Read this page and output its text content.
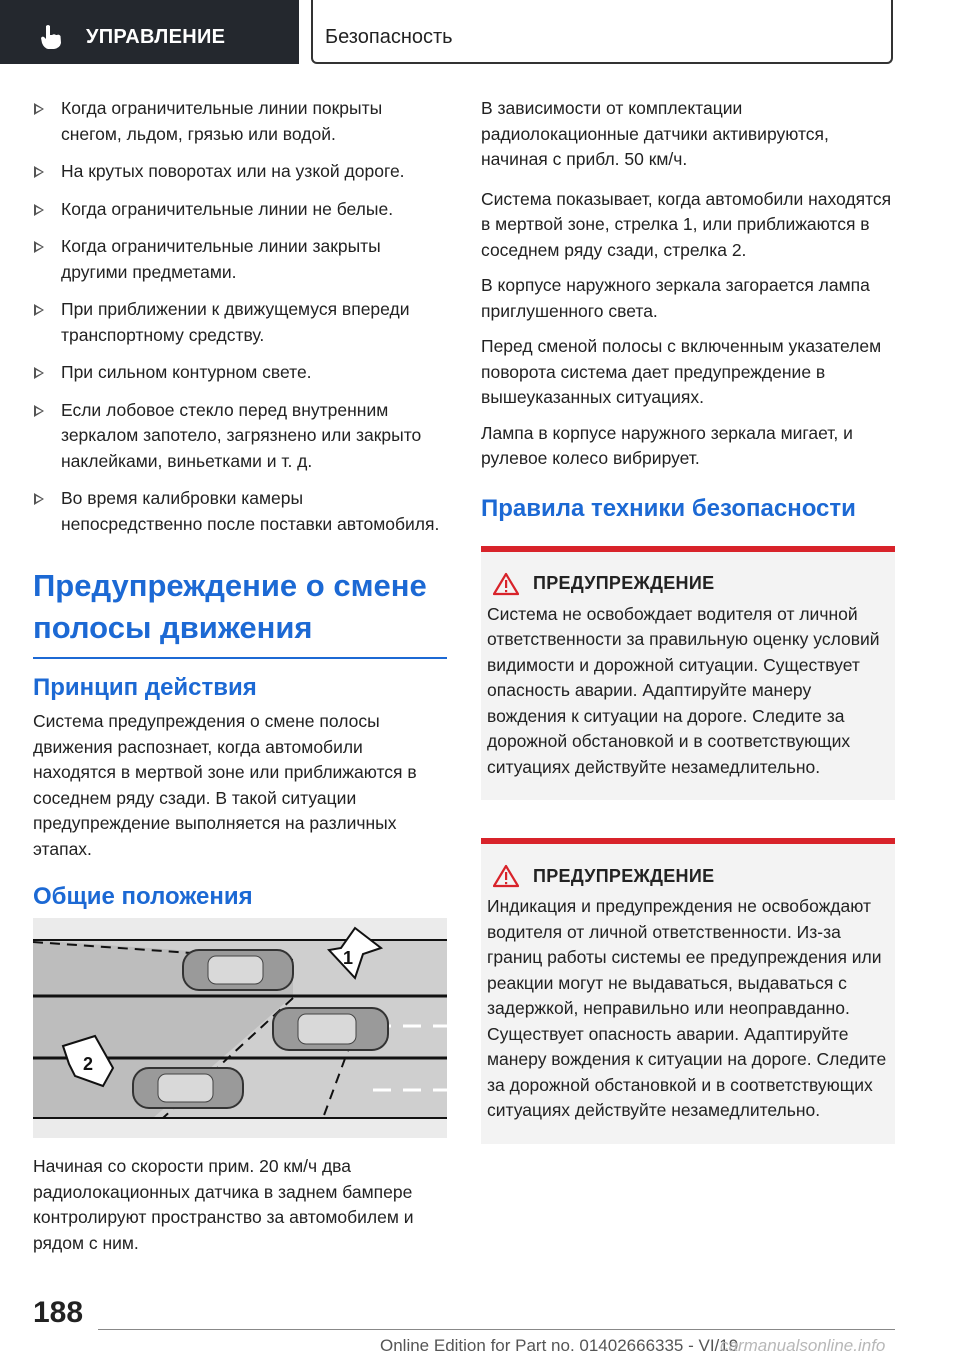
УПРАВЛЕНИЕ	Безопасность
Когда ограничительные линии покрыты снегом, льдом, грязью или водой.
На крутых поворотах или на узкой дороге.
Когда ограничительные линии не белые.
Когда ограничительные линии закрыты другими предметами.
При приближении к движущемуся впереди транспортному средству.
При сильном контурном свете.
Если лобовое стекло перед внутренним зеркалом запотело, загрязнено или закрыто наклейками, виньетками и т. д.
Во время калибровки камеры непосредственно после поставки автомобиля.
Предупреждение о смене полосы движения
Принцип действия

Система предупреждения о смене полосы движения распознает, когда автомобили находятся в мертвой зоне или приближаются в соседнем ряду сзади. В такой ситуации предупреждение выполняется на различных этапах.

Общие положения
1
2

Начиная со скорости прим. 20 км/ч два радиолокационных датчика в заднем бампере контролируют пространство за автомобилем и рядом с ним.

В зависимости от комплектации радиолокационные датчики активируются, начиная с прибл. 50 км/ч.

Система показывает, когда автомобили находятся в мертвой зоне, стрелка 1, или приближаются в соседнем ряду сзади, стрелка 2.

В корпусе наружного зеркала загорается лампа приглушенного света.

Перед сменой полосы с включенным указателем поворота система дает предупреждение в вышеуказанных ситуациях.

Лампа в корпусе наружного зеркала мигает, и рулевое колесо вибрирует.

Правила техники безопасности
ПРЕДУПРЕЖДЕНИЕ

Система не освобождает водителя от личной ответственности за правильную оценку условий видимости и дорожной ситуации. Существует опасность аварии. Адаптируйте манеру вождения к ситуации на дороге. Следите за дорожной обстановкой и в соответствующих ситуациях действуйте незамедлительно.

ПРЕДУПРЕЖДЕНИЕ

Индикация и предупреждения не освобождают водителя от личной ответственности. Из-за границ работы системы ее предупреждения или реакции могут не выдаваться, выдаваться с задержкой, неправильно или неоправданно. Существует опасность аварии. Адаптируйте манеру вождения к ситуации на дороге. Следите за дорожной обстановкой и в соответствующих ситуациях действуйте незамедлительно.

188
Online Edition for Part no. 01402666335 - VI/19
carmanualsonline.info
